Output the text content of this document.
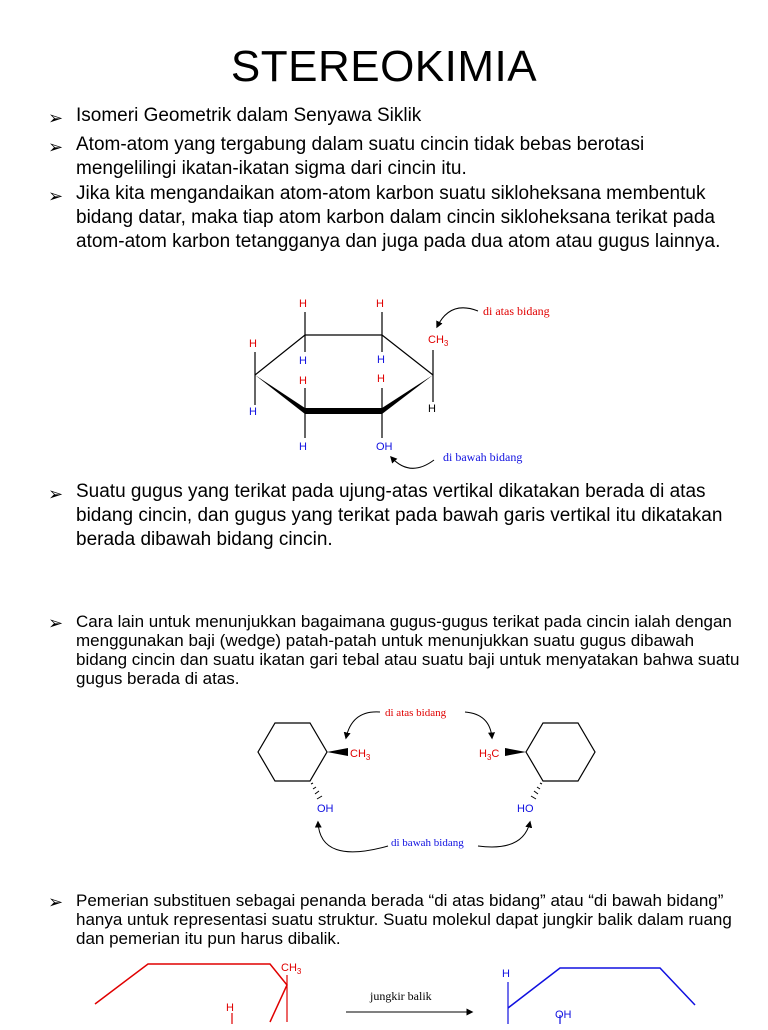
STEREOKIMIA
➢ Isomeri Geometrik dalam Senyawa Siklik
➢ Atom-atom yang tergabung dalam suatu cincin tidak bebas berotasi mengelilingi ikatan-ikatan sigma dari cincin itu.
➢ Jika kita mengandaikan atom-atom karbon suatu sikloheksana membentuk bidang datar, maka tiap atom karbon dalam cincin sikloheksana terikat pada atom-atom karbon tetangganya dan juga pada dua atom atau gugus lainnya.
H	H
H
H	H
H	H
H	H
H	OH
$CH_3$
di atas bidang
di bawah bidang
➢ Suatu gugus yang terikat pada ujung-atas vertikal dikatakan berada di atas bidang cincin, dan gugus yang terikat pada bawah garis vertikal itu dikatakan berada dibawah bidang cincin.
➢ Cara lain untuk menunjukkan bagaimana gugus-gugus terikat pada cincin ialah dengan menggunakan baji (wedge) patah-patah untuk menunjukkan suatu gugus dibawah bidang cincin dan suatu ikatan gari tebal atau suatu baji untuk menyatakan bahwa suatu gugus berada di atas.
$CH_3$
OH
$H_3C$
HO
di atas bidang
di bawah bidang
➢ Pemerian substituen sebagai penanda berada “di atas bidang” atau “di bawah bidang” hanya untuk representasi suatu struktur. Suatu molekul dapat jungkir balik dalam ruang dan pemerian itu pun harus dibalik.
$CH_3$
H
jungkir balik
H
OH
